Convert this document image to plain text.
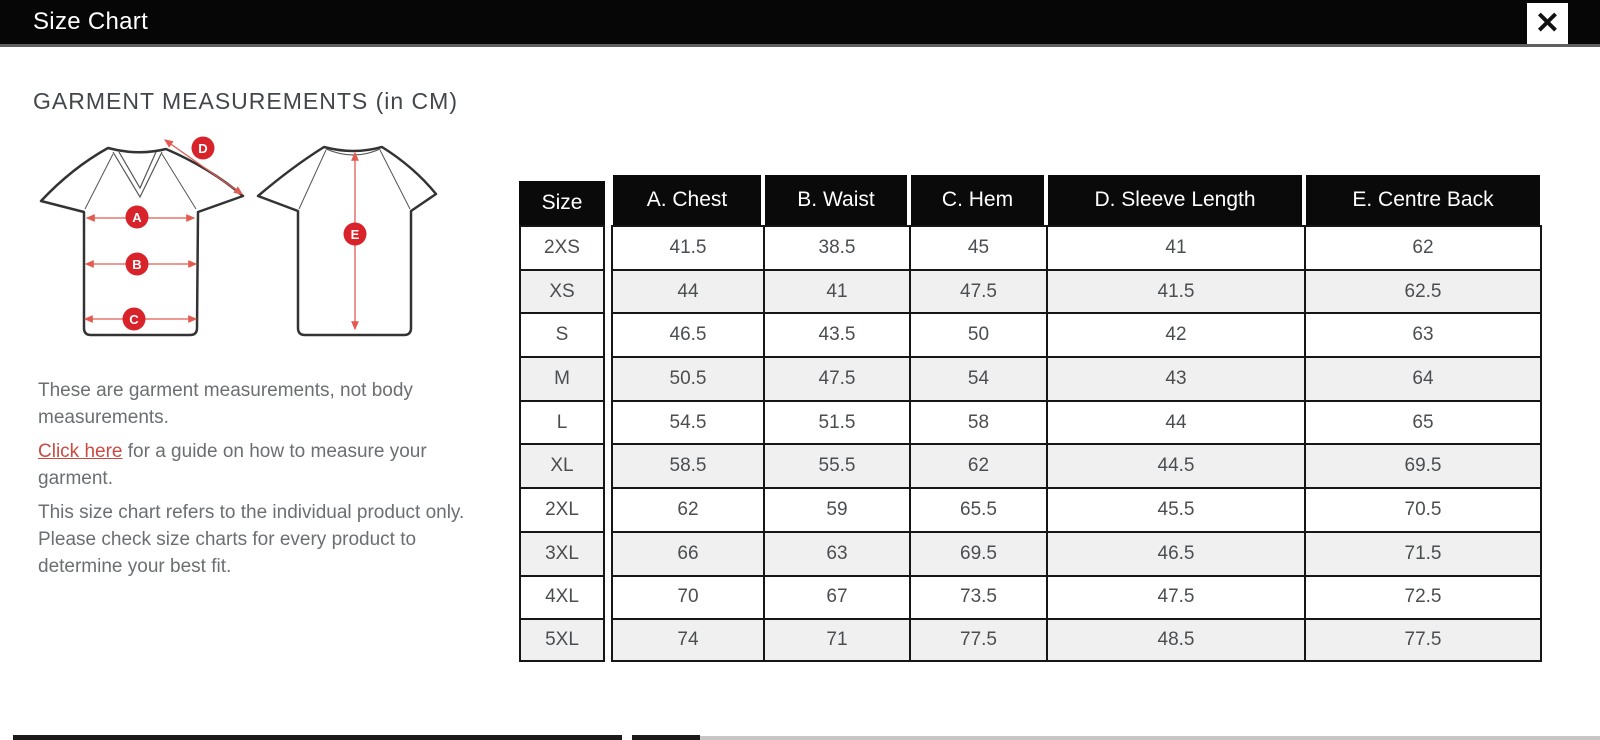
Size Chart	✕
GARMENT MEASUREMENTS (in CM)
A
B
C
D
E

These are garment measurements, not body measurements.

Click here for a guide on how to measure your garment.

This size chart refers to the individual product only. Please check size charts for every product to determine your best fit.

Size	A. Chest	B. Waist	C. Hem	D. Sleeve Length	E. Centre Back
2XS	41.5	38.5	45	41	62
XS	44	41	47.5	41.5	62.5
S	46.5	43.5	50	42	63
M	50.5	47.5	54	43	64
L	54.5	51.5	58	44	65
XL	58.5	55.5	62	44.5	69.5
2XL	62	59	65.5	45.5	70.5
3XL	66	63	69.5	46.5	71.5
4XL	70	67	73.5	47.5	72.5
5XL	74	71	77.5	48.5	77.5
